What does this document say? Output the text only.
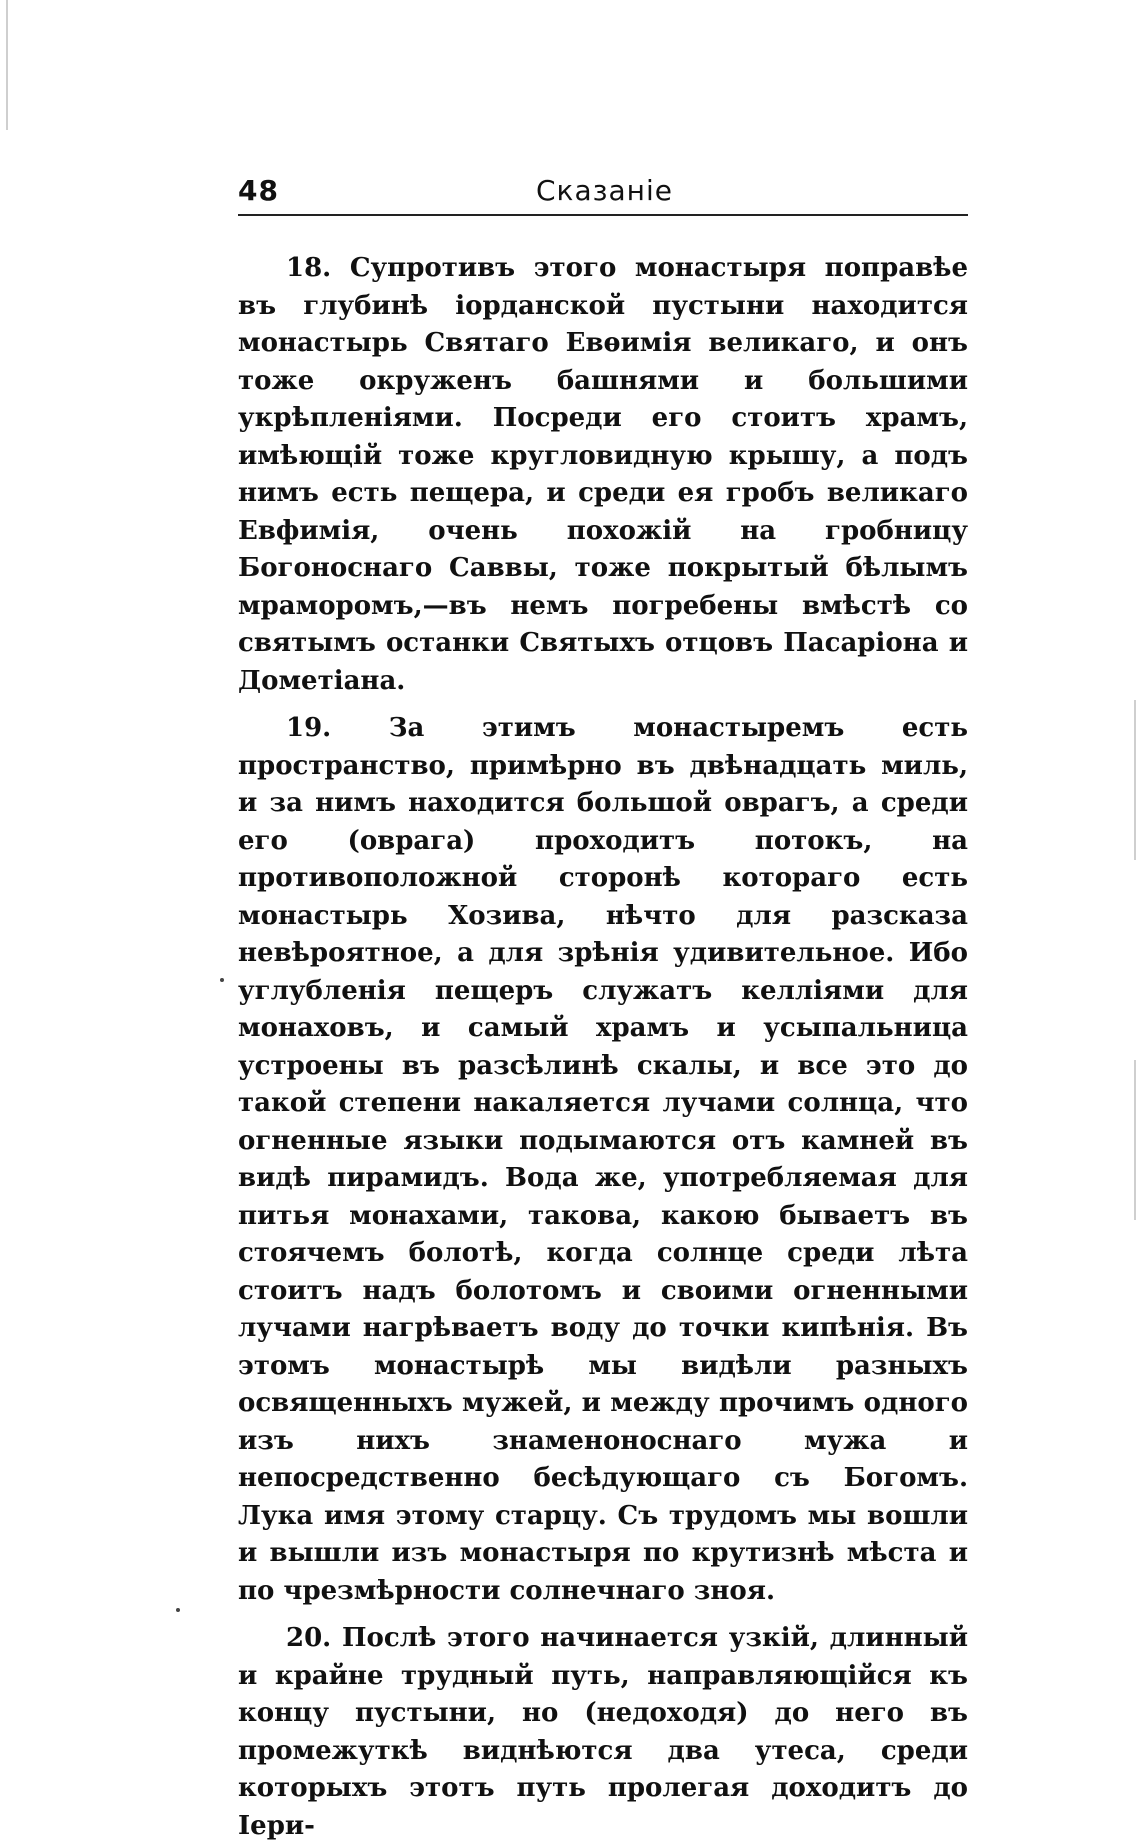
48	Сказаніе

18. Супротивъ этого монастыря поправѣе въ глубинѣ іорданской пустыни находится монастырь Святаго Евѳимія великаго, и онъ тоже окруженъ башнями и большими укрѣпленіями. Посреди его стоитъ храмъ, имѣющій тоже кругловидную крышу, а подъ нимъ есть пещера, и среди ея гробъ великаго Евфимія, очень похожій на гробницу Богоноснаго Саввы, тоже покрытый бѣлымъ мраморомъ,—въ немъ погребены вмѣстѣ со святымъ останки Святыхъ отцовъ Пасаріона и Дометіана.

19. За этимъ монастыремъ есть пространство, примѣрно въ двѣнадцать миль, и за нимъ находится большой оврагъ, а среди его (оврага) проходитъ потокъ, на противоположной сторонѣ котораго есть монастырь Хозива, нѣчто для разсказа невѣроятное, а для зрѣнія удивительное. Ибо углубленія пещеръ служатъ келліями для монаховъ, и самый храмъ и усыпальница устроены въ разсѣлинѣ скалы, и все это до такой степени накаляется лучами солнца, что огненные языки подымаются отъ камней въ видѣ пирамидъ. Вода же, употребляемая для питья монахами, такова, какою бываетъ въ стоячемъ болотѣ, когда солнце среди лѣта стоитъ надъ болотомъ и своими огненными лучами нагрѣваетъ воду до точки кипѣнія. Въ этомъ монастырѣ мы видѣли разныхъ освященныхъ мужей, и между прочимъ одного изъ нихъ знаменоноснаго мужа и непосредственно бесѣдующаго съ Богомъ. Лука имя этому старцу. Съ трудомъ мы вошли и вышли изъ монастыря по крутизнѣ мѣста и по чрезмѣрности солнечнаго зноя.

20. Послѣ этого начинается узкій, длинный и крайне трудный путь, направляющійся къ концу пустыни, но (недоходя) до него въ промежуткѣ виднѣются два утеса, среди которыхъ этотъ путь пролегая доходитъ до Іери-
